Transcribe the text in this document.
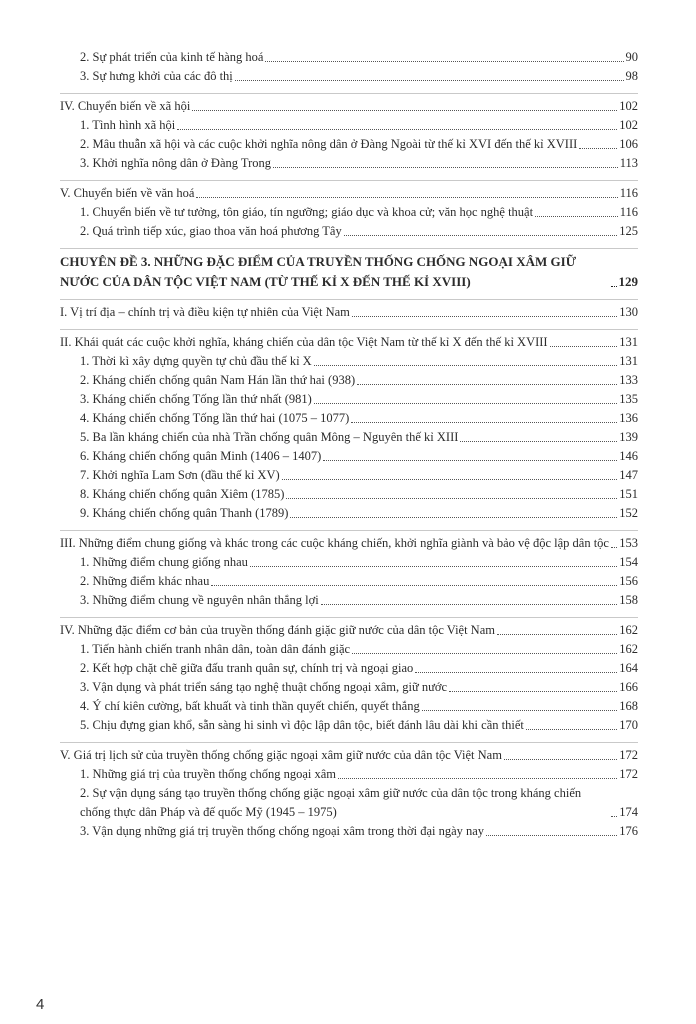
2. Sự phát triển của kinh tế hàng hoá	90
3. Sự hưng khởi của các đô thị	98
IV. Chuyển biến về xã hội	102
1. Tình hình xã hội	102
2. Mâu thuẫn xã hội và các cuộc khởi nghĩa nông dân ở Đàng Ngoài từ thế kỉ XVI đến thế kỉ XVIII	106
3. Khởi nghĩa nông dân ở Đàng Trong	113
V. Chuyển biến về văn hoá	116
1. Chuyển biến về tư tưởng, tôn giáo, tín ngưỡng; giáo dục và khoa cử; văn học nghệ thuật	116
2. Quá trình tiếp xúc, giao thoa văn hoá phương Tây	125
CHUYÊN ĐỀ 3. NHỮNG ĐẶC ĐIỂM CỦA TRUYỀN THỐNG CHỐNG NGOẠI XÂM GIỮ NƯỚC CỦA DÂN TỘC VIỆT NAM (TỪ THẾ KỈ X ĐẾN THẾ KỈ XVIII)	129
I. Vị trí địa – chính trị và điều kiện tự nhiên của Việt Nam	130
II. Khái quát các cuộc khởi nghĩa, kháng chiến của dân tộc Việt Nam từ thế kỉ X đến thế kỉ XVIII	131
1. Thời kì xây dựng quyền tự chủ đầu thế kỉ X	131
2. Kháng chiến chống quân Nam Hán lần thứ hai (938)	133
3. Kháng chiến chống Tống lần thứ nhất (981)	135
4. Kháng chiến chống Tống lần thứ hai (1075 – 1077)	136
5. Ba lần kháng chiến của nhà Trần chống quân Mông – Nguyên thế kỉ XIII	139
6. Kháng chiến chống quân Minh (1406 – 1407)	146
7. Khởi nghĩa Lam Sơn (đầu thế kỉ XV)	147
8. Kháng chiến chống quân Xiêm (1785)	151
9. Kháng chiến chống quân Thanh (1789)	152
III. Những điểm chung giống và khác trong các cuộc kháng chiến, khởi nghĩa giành và bảo vệ độc lập dân tộc 153
1. Những điểm chung giống nhau	154
2. Những điểm khác nhau	156
3. Những điểm chung về nguyên nhân thắng lợi	158
IV. Những đặc điểm cơ bản của truyền thống đánh giặc giữ nước của dân tộc Việt Nam	162
1. Tiến hành chiến tranh nhân dân, toàn dân đánh giặc	162
2. Kết hợp chặt chẽ giữa đấu tranh quân sự, chính trị và ngoại giao	164
3. Vận dụng và phát triển sáng tạo nghệ thuật chống ngoại xâm, giữ nước	166
4. Ý chí kiên cường, bất khuất và tinh thần quyết chiến, quyết thắng	168
5. Chịu đựng gian khổ, sẵn sàng hi sinh vì độc lập dân tộc, biết đánh lâu dài khi cần thiết	170
V. Giá trị lịch sử của truyền thống chống giặc ngoại xâm giữ nước của dân tộc Việt Nam	172
1. Những giá trị của truyền thống chống ngoại xâm	172
2. Sự vận dụng sáng tạo truyền thống chống giặc ngoại xâm giữ nước của dân tộc trong kháng chiến chống thực dân Pháp và đế quốc Mỹ (1945 – 1975)	174
3. Vận dụng những giá trị truyền thống chống ngoại xâm trong thời đại ngày nay	176
4
